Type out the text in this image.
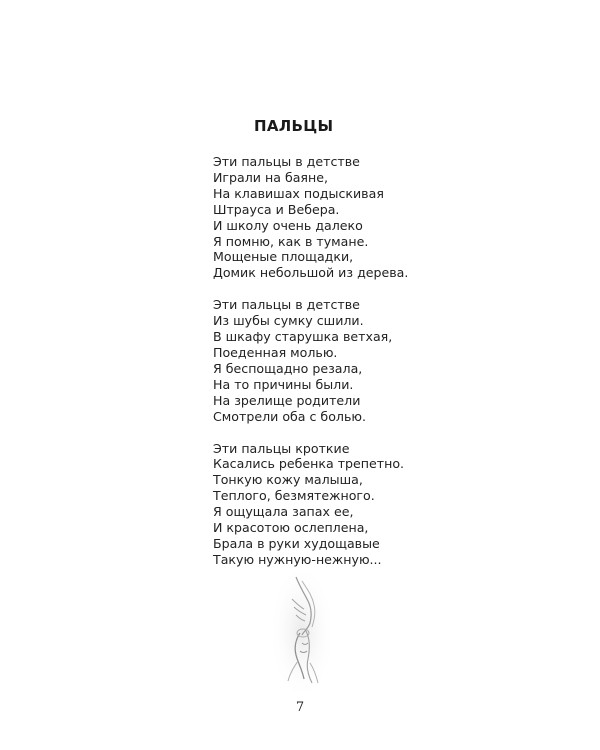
ПАЛЬЦЫ
Эти пальцы в детстве
Играли на баяне,
На клавишах подыскивая
Штрауса и Вебера.
И школу очень далеко
Я помню, как в тумане.
Мощеные площадки,
Домик небольшой из дерева.
Эти пальцы в детстве
Из шубы сумку сшили.
В шкафу старушка ветхая,
Поеденная молью.
Я беспощадно резала,
На то причины были.
На зрелище родители
Смотрели оба с болью.
Эти пальцы кроткие
Касались ребенка трепетно.
Тонкую кожу малыша,
Теплого, безмятежного.
Я ощущала запах ее,
И красотою ослеплена,
Брала в руки худощавые
Такую нужную-нежную...
7
